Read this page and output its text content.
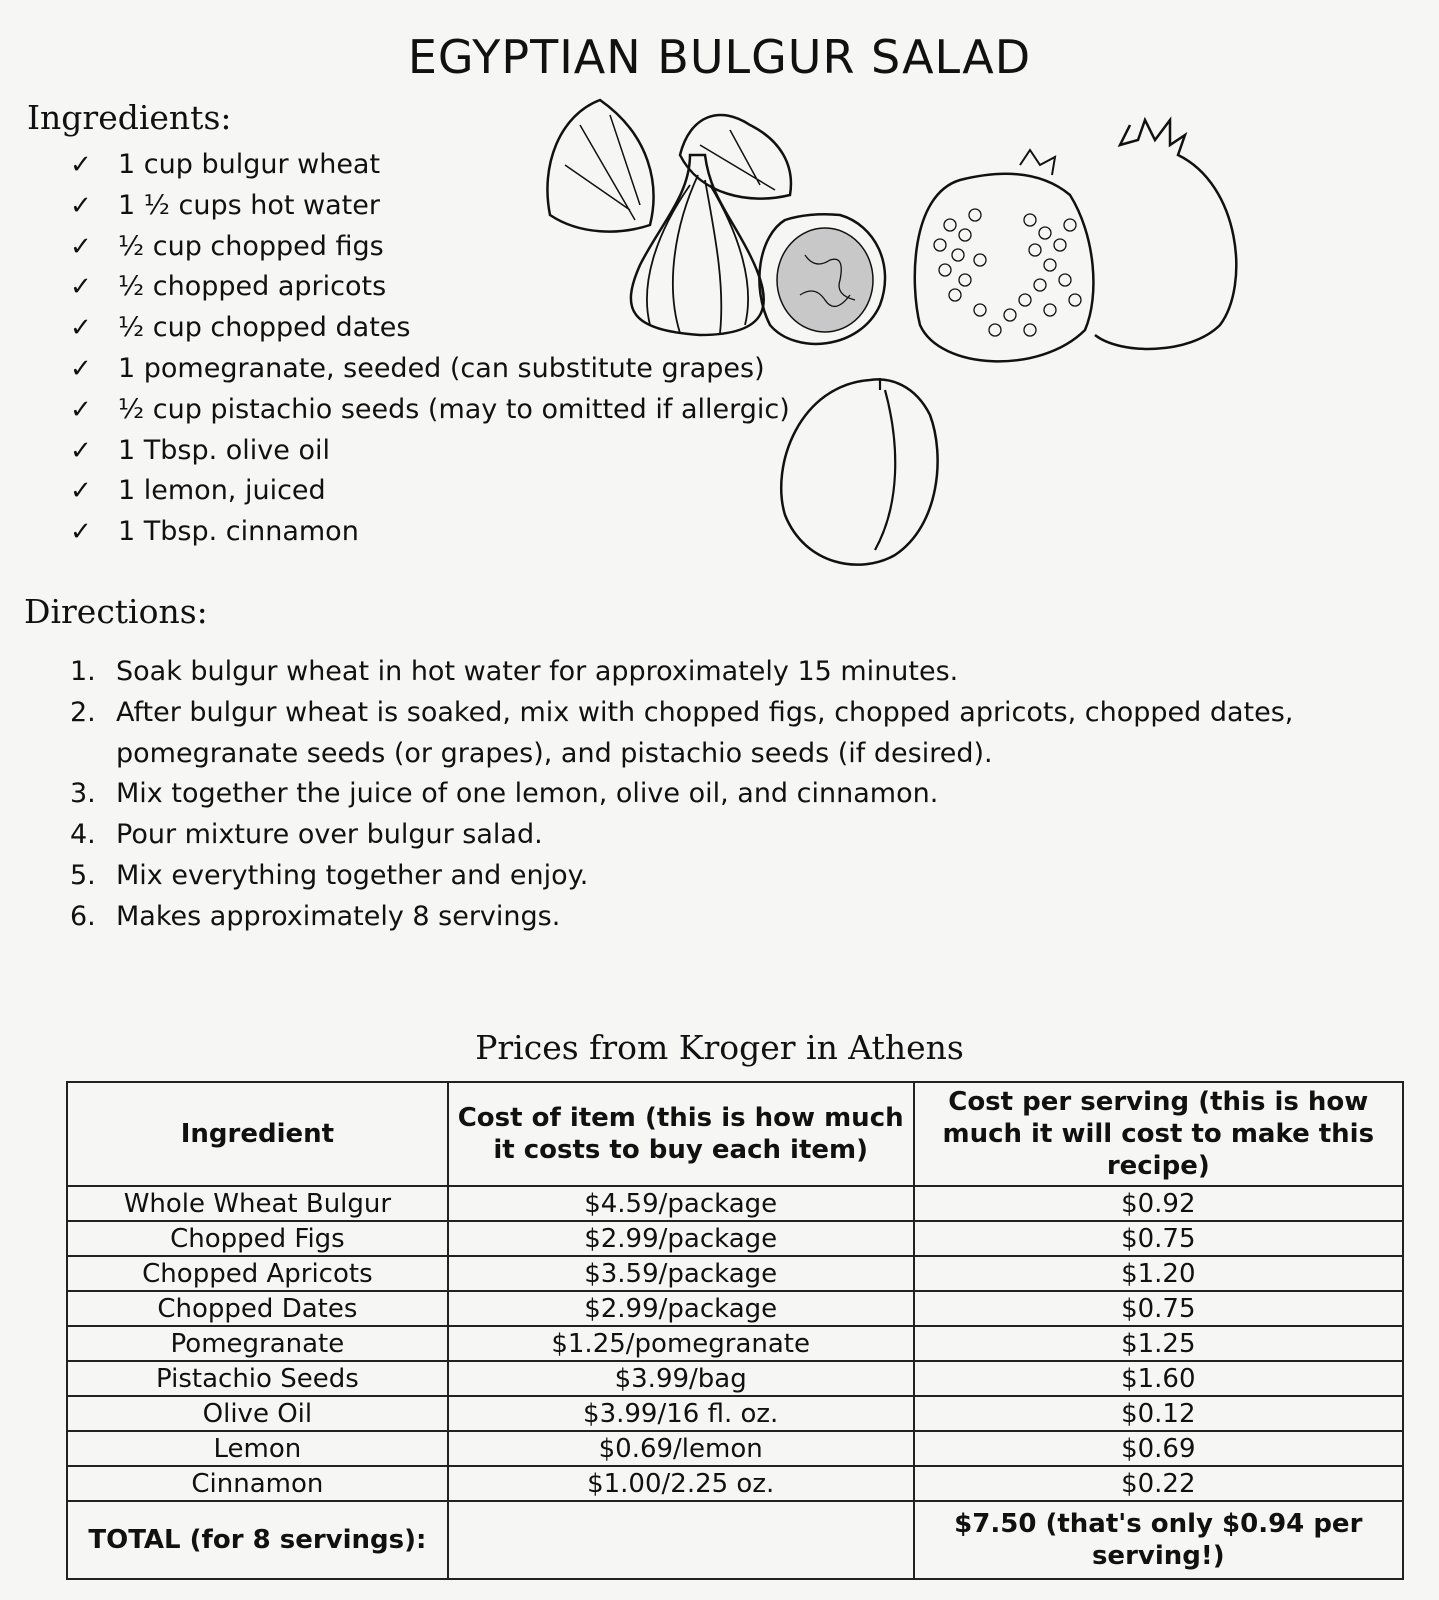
EGYPTIAN BULGUR SALAD
Ingredients:
✓ 1 cup bulgur wheat
✓ 1 ½ cups hot water
✓ ½ cup chopped figs
✓ ½ chopped apricots
✓ ½ cup chopped dates
✓ 1 pomegranate, seeded (can substitute grapes)
✓ ½ cup pistachio seeds (may to omitted if allergic)
✓ 1 Tbsp. olive oil
✓ 1 lemon, juiced
✓ 1 Tbsp. cinnamon
Directions:
1. Soak bulgur wheat in hot water for approximately 15 minutes.
2. After bulgur wheat is soaked, mix with chopped figs, chopped apricots, chopped dates, pomegranate seeds (or grapes), and pistachio seeds (if desired).
3. Mix together the juice of one lemon, olive oil, and cinnamon.
4. Pour mixture over bulgur salad.
5. Mix everything together and enjoy.
6. Makes approximately 8 servings.
Prices from Kroger in Athens
Ingredient	Cost of item (this is how much it costs to buy each item)	Cost per serving (this is how much it will cost to make this recipe)
Whole Wheat Bulgur	$4.59/package	$0.92
Chopped Figs	$2.99/package	$0.75
Chopped Apricots	$3.59/package	$1.20
Chopped Dates	$2.99/package	$0.75
Pomegranate	$1.25/pomegranate	$1.25
Pistachio Seeds	$3.99/bag	$1.60
Olive Oil	$3.99/16 fl. oz.	$0.12
Lemon	$0.69/lemon	$0.69
Cinnamon	$1.00/2.25 oz.	$0.22
TOTAL (for 8 servings):		$7.50 (that's only $0.94 per serving!)
